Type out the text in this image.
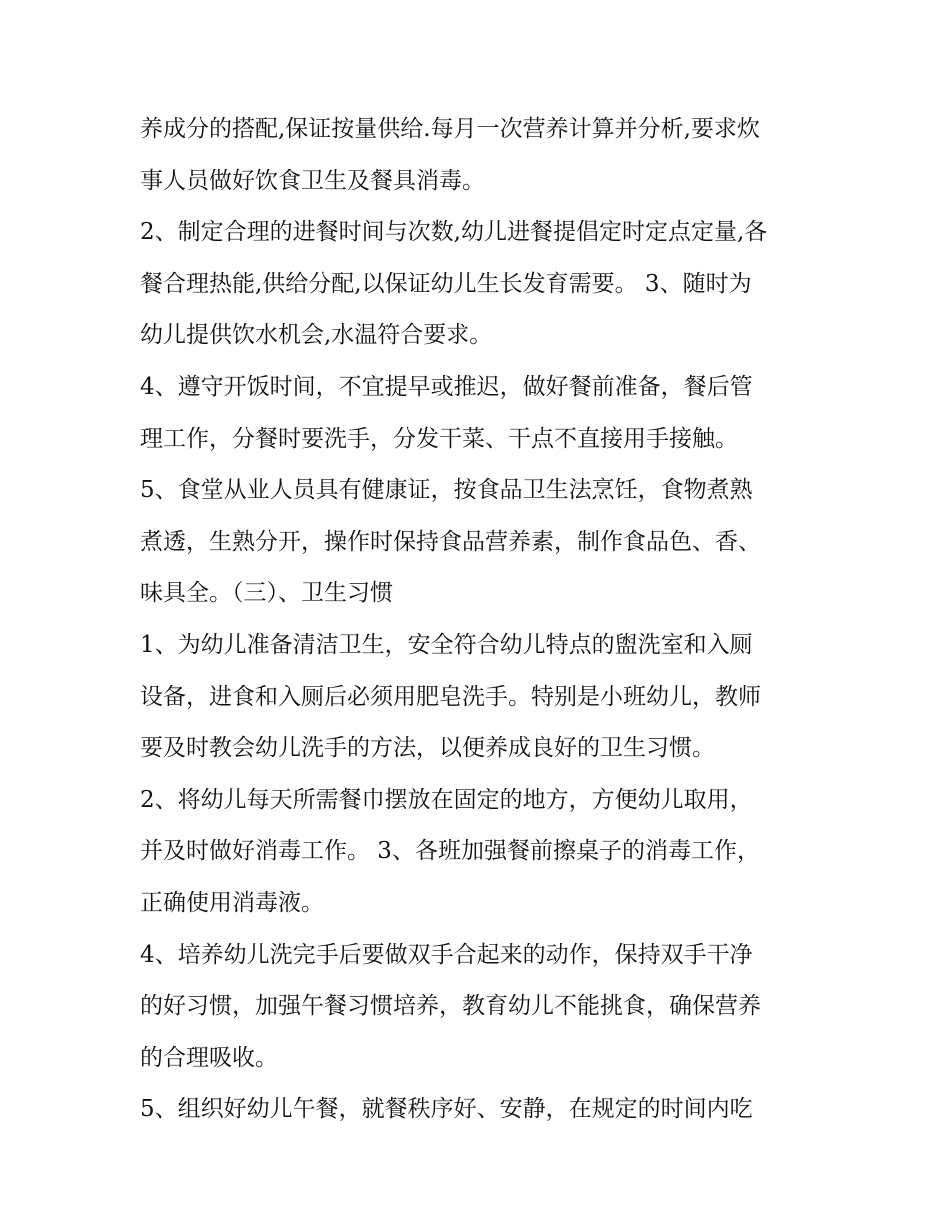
养成分的搭配,保证按量供给.每月一次营养计算并分析,要求炊
事人员做好饮食卫生及餐具消毒。
2、制定合理的进餐时间与次数,幼儿进餐提倡定时定点定量,各
餐合理热能,供给分配,以保证幼儿生长发育需要。 3、随时为
幼儿提供饮水机会,水温符合要求。
4、遵守开饭时间，不宜提早或推迟，做好餐前准备，餐后管
理工作，分餐时要洗手，分发干菜、干点不直接用手接触。
5、食堂从业人员具有健康证，按食品卫生法烹饪，食物煮熟
煮透，生熟分开，操作时保持食品营养素，制作食品色、香、
味具全。（三）、卫生习惯
1、为幼儿准备清洁卫生，安全符合幼儿特点的盥洗室和入厕
设备，进食和入厕后必须用肥皂洗手。特别是小班幼儿，教师
要及时教会幼儿洗手的方法，以便养成良好的卫生习惯。
2、将幼儿每天所需餐巾摆放在固定的地方，方便幼儿取用，
并及时做好消毒工作。 3、各班加强餐前擦桌子的消毒工作，
正确使用消毒液。
4、培养幼儿洗完手后要做双手合起来的动作，保持双手干净
的好习惯，加强午餐习惯培养，教育幼儿不能挑食，确保营养
的合理吸收。
5、组织好幼儿午餐，就餐秩序好、安静，在规定的时间内吃
